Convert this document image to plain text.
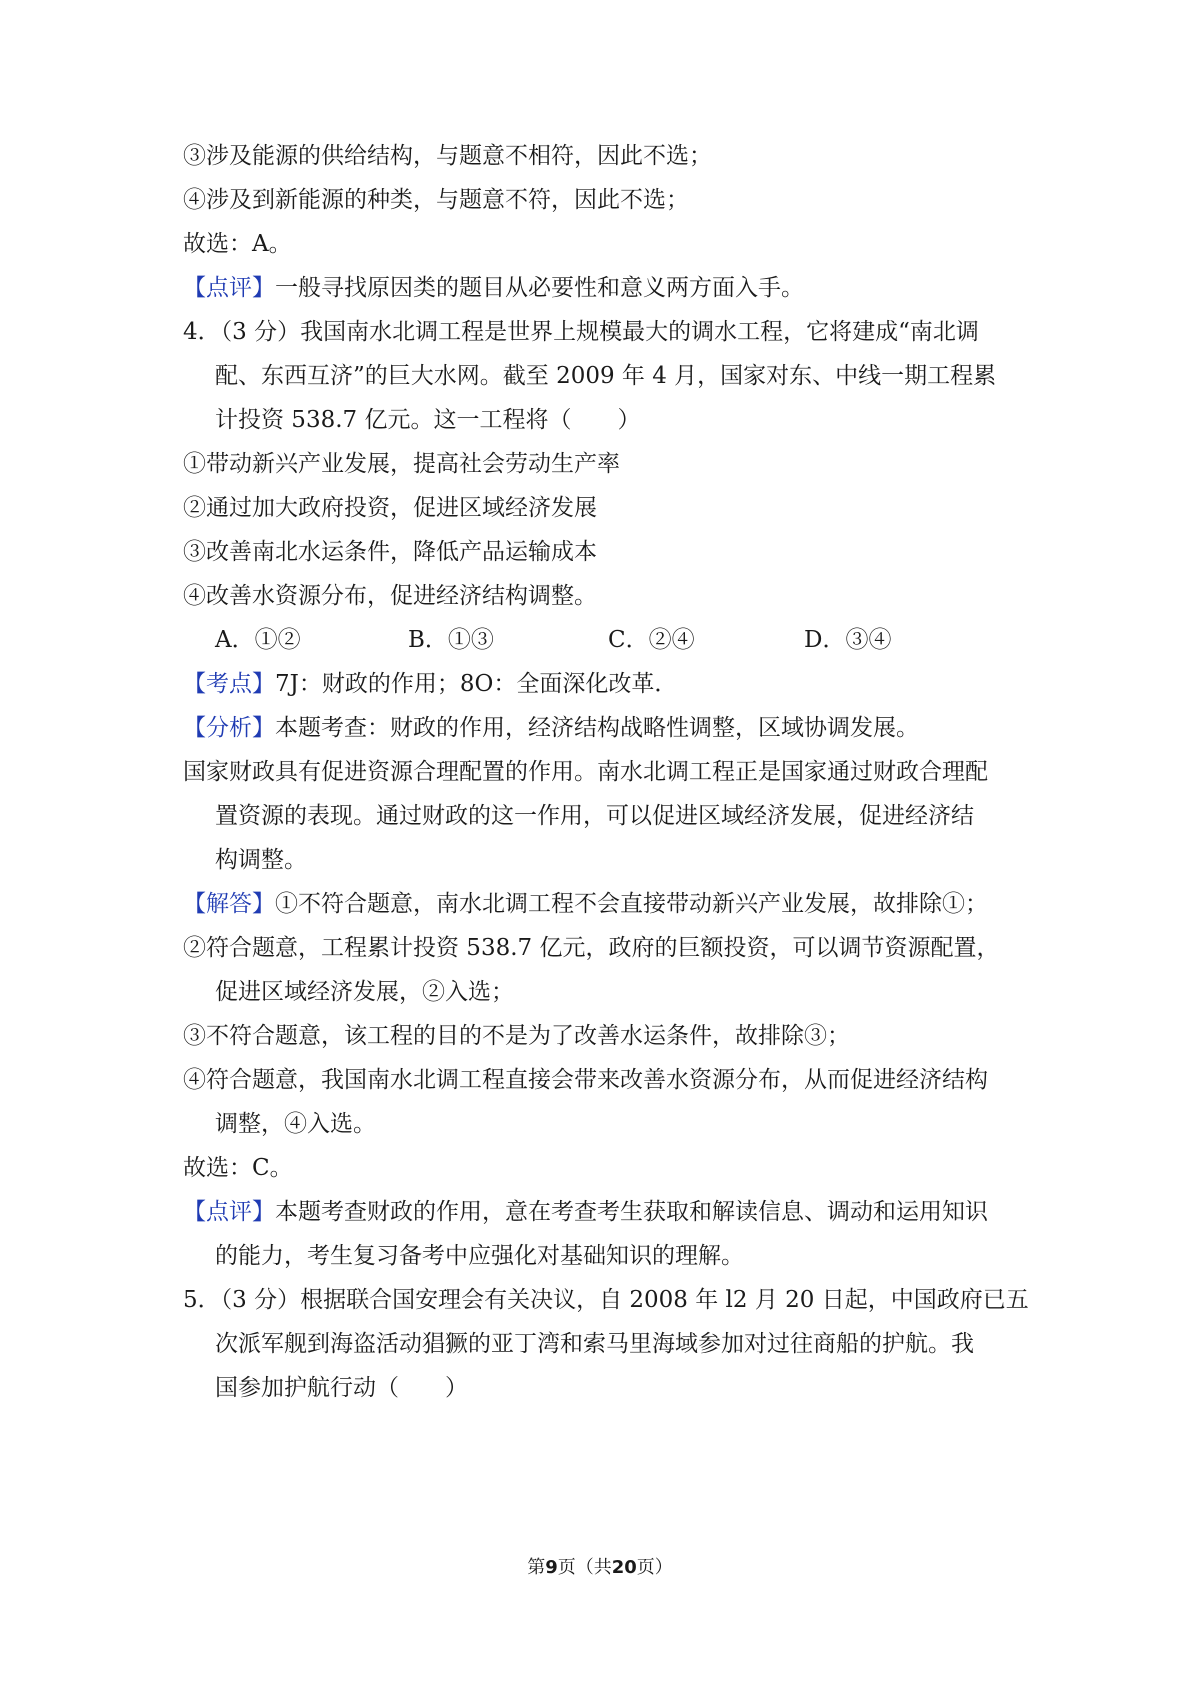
③涉及能源的供给结构，与题意不相符，因此不选；
④涉及到新能源的种类，与题意不符，因此不选；
故选：A。
【点评】一般寻找原因类的题目从必要性和意义两方面入手。
4．（3 分）我国南水北调工程是世界上规模最大的调水工程，它将建成“南北调
配、东西互济”的巨大水网。截至 2009 年 4 月，国家对东、中线一期工程累
计投资 538.7 亿元。这一工程将（　　）
①带动新兴产业发展，提高社会劳动生产率
②通过加大政府投资，促进区域经济发展
③改善南北水运条件，降低产品运输成本
④改善水资源分布，促进经济结构调整。
A．①②	B．①③	C．②④	D．③④
【考点】7J：财政的作用；8O：全面深化改革．
【分析】本题考查：财政的作用，经济结构战略性调整，区域协调发展。
国家财政具有促进资源合理配置的作用。南水北调工程正是国家通过财政合理配
置资源的表现。通过财政的这一作用，可以促进区域经济发展，促进经济结
构调整。
【解答】①不符合题意，南水北调工程不会直接带动新兴产业发展，故排除①；
②符合题意，工程累计投资 538.7 亿元，政府的巨额投资，可以调节资源配置，
促进区域经济发展，②入选；
③不符合题意，该工程的目的不是为了改善水运条件，故排除③；
④符合题意，我国南水北调工程直接会带来改善水资源分布，从而促进经济结构
调整，④入选。
故选：C。
【点评】本题考查财政的作用，意在考查考生获取和解读信息、调动和运用知识
的能力，考生复习备考中应强化对基础知识的理解。
5．（3 分）根据联合国安理会有关决议，自 2008 年 l2 月 20 日起，中国政府已五
次派军舰到海盗活动猖獗的亚丁湾和索马里海域参加对过往商船的护航。我
国参加护航行动（　　）
第9页（共20页）
